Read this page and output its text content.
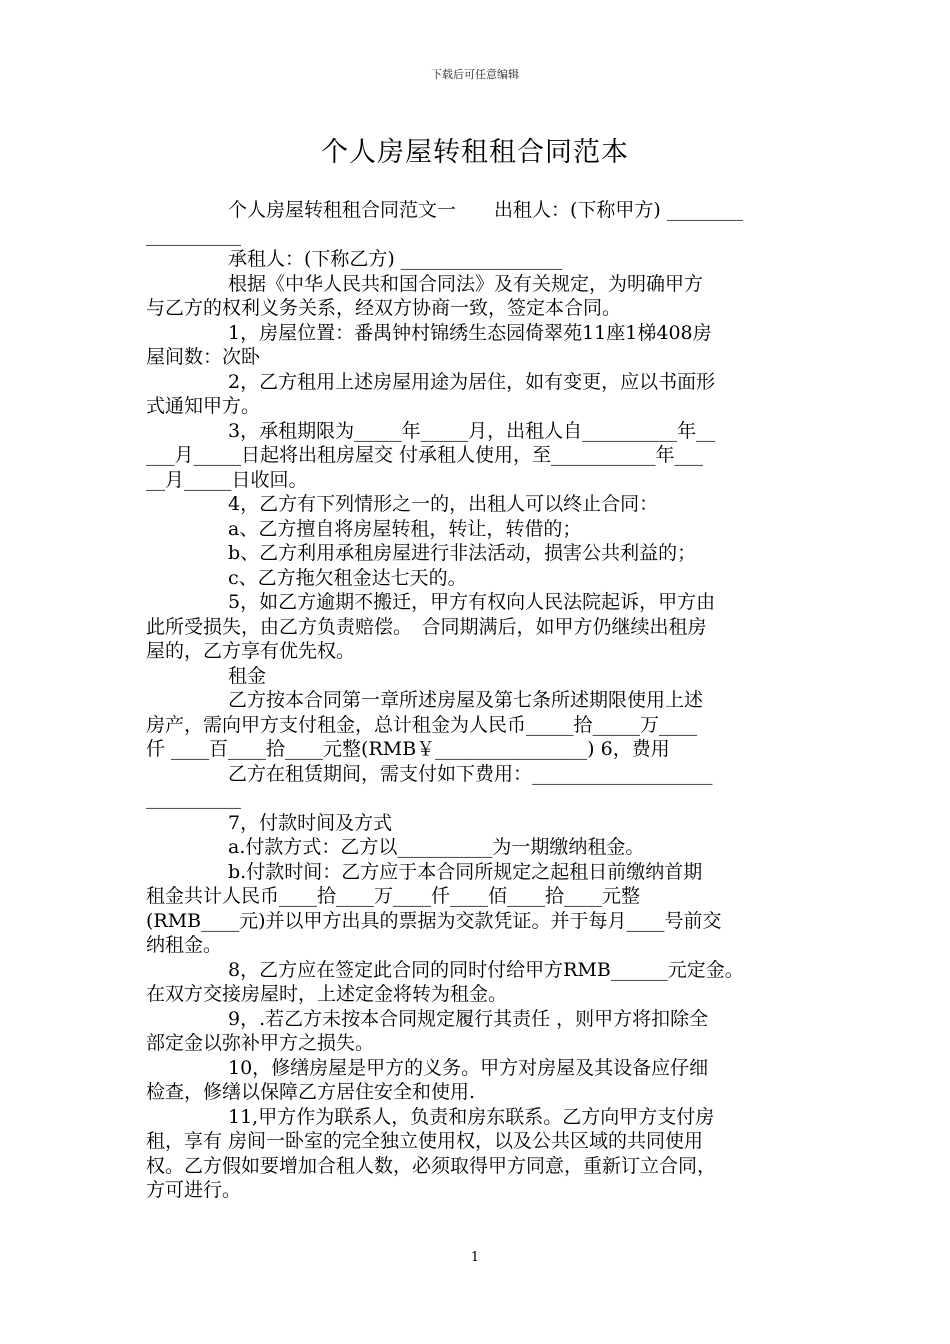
下载后可任意编辑
个人房屋转租租合同范本
个人房屋转租租合同范文一　　出租人：(下称甲方) ________
__________
承租人：(下称乙方) _________________
根据《中华人民共和国合同法》及有关规定，为明确甲方
与乙方的权利义务关系，经双方协商一致，签定本合同。
1，房屋位置：番禺钟村锦绣生态园倚翠苑11座1梯408房
屋间数：次卧
2，乙方租用上述房屋用途为居住，如有变更，应以书面形
式通知甲方。
3，承租期限为_____年_____月，出租人自__________年__
___月_____日起将出租房屋交 付承租人使用，至___________年___
__月_____日收回。
4，乙方有下列情形之一的，出租人可以终止合同：
a、乙方擅自将房屋转租，转让，转借的；
b、乙方利用承租房屋进行非法活动，损害公共利益的；
c、乙方拖欠租金达七天的。
5，如乙方逾期不搬迁，甲方有权向人民法院起诉，甲方由
此所受损失，由乙方负责赔偿。　合同期满后，如甲方仍继续出租房
屋的，乙方享有优先权。
租金
乙方按本合同第一章所述房屋及第七条所述期限使用上述
房产，需向甲方支付租金，总计租金为人民币_____拾_____万____
仟 ____百____拾____元整(RMB￥________________) 6，费用
乙方在租赁期间，需支付如下费用：___________________
__________
7，付款时间及方式
a.付款方式：乙方以__________为一期缴纳租金。
b.付款时间：乙方应于本合同所规定之起租日前缴纳首期
租金共计人民币____拾____万____仟____佰____拾____元整
(RMB____元)并以甲方出具的票据为交款凭证。并于每月____号前交
纳租金。
8，乙方应在签定此合同的同时付给甲方RMB______元定金。
在双方交接房屋时，上述定金将转为租金。
9，.若乙方未按本合同规定履行其责任 ，则甲方将扣除全
部定金以弥补甲方之损失。
10，修缮房屋是甲方的义务。甲方对房屋及其设备应仔细
检查，修缮以保障乙方居住安全和使用.
11,甲方作为联系人，负责和房东联系。乙方向甲方支付房
租，享有 房间一卧室的完全独立使用权，以及公共区域的共同使用
权。乙方假如要增加合租人数，必须取得甲方同意，重新订立合同，
方可进行。
1
